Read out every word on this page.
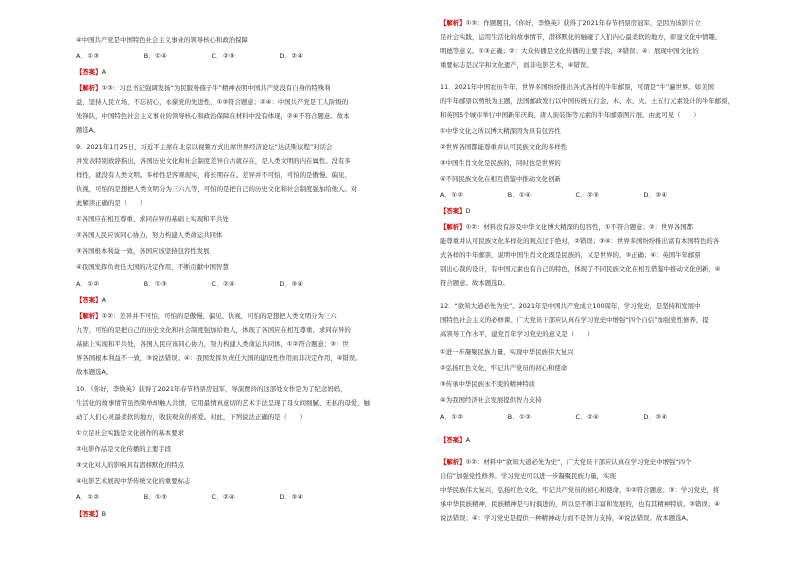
④中国共产党是中国特色社会主义事业的领导核心和政治保障
A．①③	B．①④	C．②③	D．②④
【答案】A
【解析】①③：习总书记强调发扬“为民服务孺子牛”精神表明中国共产党没有自身的特殊利
益，坚持人民立场，不忘初心，永葆党的先进性，①③符合题意；②④：中国共产党是工人阶级的
先锋队，中国特色社会主义事业的领导核心和政治保障在材料中没有体现，②④不符合题意。故本
题选A。
9．2021年1月25日，习近平主席在北京以视频方式出席世界经济论坛“达沃斯议程”对话会
并发表特别致辞指出，各国历史文化和社会制度差异自古就存在，是人类文明的内在属性。没有多
样性，就没有人类文明。多样性是客观现实，将长期存在。差异并不可怕，可怕的是傲慢、偏见、
仇视，可怕的是想把人类文明分为三六九等，可怕的是把自己的历史文化和社会制度强加给他人。对
此解读正确的是（　　）
①各国应在相互尊重、求同存异的基础上实现和平共处
②各国人民应该同心协力，努力构建人类命运共同体
③各国根本利益一致，各国应该坚持包容性发展
④我国发挥负责任大国的决定作用，不断贡献中国智慧
A．①②	B．①③	C．②④	D．③④
【答案】A
【解析】①②：差异并不可怕，可怕的是傲慢、偏见、仇视，可怕的是想把人类文明分为三六
九等，可怕的是把自己的历史文化和社会制度强加给他人，体现了各国应在相互尊重、求同存异的
基础上实现和平共处，各国人民应该同心协力，努力构建人类命运共同体，①②符合题意；③：世
界各国根本利益不一致，③说法错误；④：我国发挥负责任大国的建设性作用而非决定作用，④错误。
故本题选A。
10．《你好，李焕英》获得了2021年春节档票房冠军，导演贾玲的这部处女作是为了纪念妈妈，
生活化的故事情节虽然简单却触人共情，它用最情真意切的艺术手法呈现了母女间细腻、无私的母爱，触
动了人们心灵最柔软的地方，收获观众的喜爱。对此，下列说法正确的是（　　）
①立足社会实践是文化创作的基本要求
②电影作品是文化传播的主要手段
③文化对人的影响具有潜移默化的特点
④电影艺术展现中华传统文化的重要标志
A．①②	B．①③	C．②④	D．③④
【答案】B
【解析】①③：作题题目。《你好，李焕英》获得了2021年春节档票房冠军，是因为该影片立
足社会实践，运用生活化的故事情节，潜移默化的触碰了人们内心最柔软的地方，彰显文化中情趣、
明德等意义。①③正确；②：大众传播是文化传播的主要手段，②错误；④：展现中国文化的
重要标志是汉字和文化遗产，而非电影艺术，④错误。
11．2021年中国农历牛年，世界多国纷纷推出各式各样的牛年邮票，可谓是“牛”遍世界。如美国
的牛年邮票以剪纸为主题，法国邮政发行以中国传统五行金、木、水、火、土五行元素设计的牛年邮票，
和英国5个城市举行中国新年庆典、唐人街装饰等元素的牛年邮票图片展。由此可见（　　）
①中华文化之所以博大精深因为具有包容性
②世界各国都能尊重并认可民族文化的多样性
③中国生肖文化是民族的，同时也是世界的
④不同民族文化在相互借鉴中推动文化创新
A．①②	B．①④	C．②③	D．③④
【答案】D
【解析】①②：材料没有涉及中华文化博大精深的包容性，①不符合题意；②：世界各国都
能尊重并认可民族文化多样化的观点过于绝对，②错误；③④：世界多国纷纷推出富有本国特色的各
式各样的牛年邮票，说明中国生肖文化既是民族的，又是世界的，③正确；④：英国牛年邮票
别出心裁的设计，有中国元素也有自己的特色，体现了不同民族文化在相互借鉴中推动文化创新，④
符合题意。故本题选D。
12．“欲知大道必先为史”。2021年是中国共产党成立100周年，学习党史，是坚持和发展中
国特色社会主义的必修课。广大党员干部应认真在学习党史中增强“四个自信”加强党性修养，提
高领导工作水平，建党百年学习党史的意义是（　　）
①进一步凝聚民族力量，实现中华民族伟大复兴
②弘扬红色文化，牢记共产党员的初心和使命
③传承中华民族永不变的精神特质
④为我国经济社会发展提供智力支持
A．①②	B．①③	C．②④	D．③④
【答案】A
【解析】①②：材料中“欲知大道必先为史”，广大党员干部应认真在学习党史中增强“四个
自信”加强党性修养。学习党史可以进一步凝聚民族力量，实现
中华民族伟大复兴，弘扬红色文化，牢记共产党员的初心和使命，①②符合题意；③：学习党史，将
承中华民族精神，民族精神是与时俱进的，所以是不断丰富和发展的，也有其精神特质。③错误；④
说法错误；④：学习党史是提供一种精神动力而不是智力支持，④说法错误。故本题选A。
